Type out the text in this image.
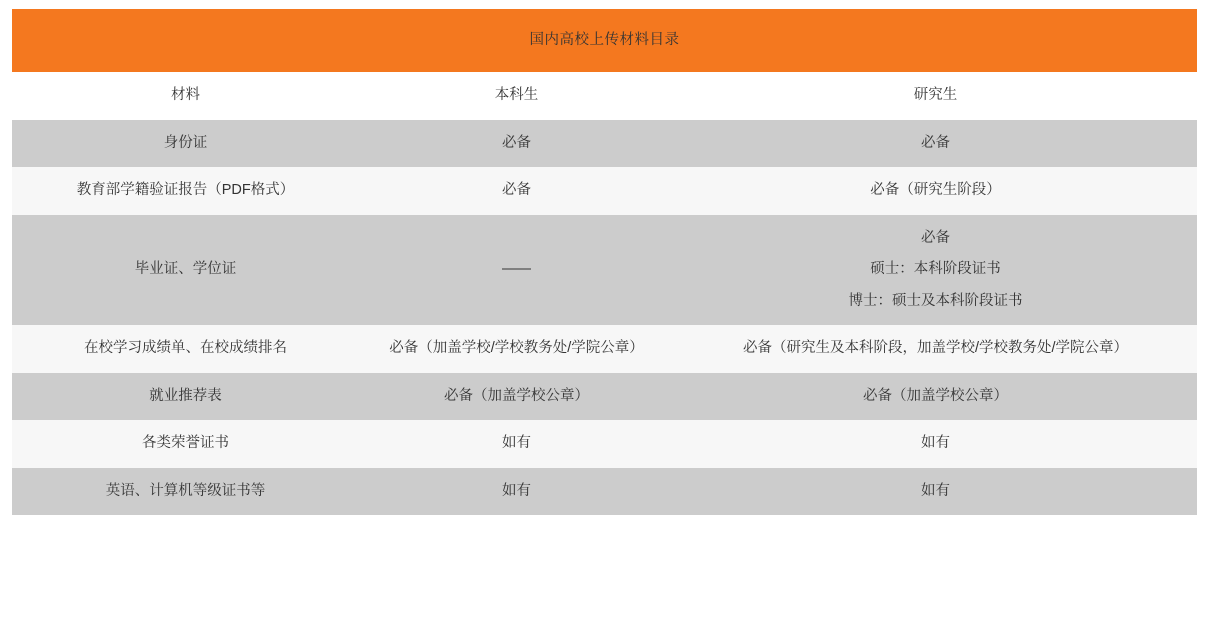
国内高校上传材料目录		
材料	本科生	研究生
身份证	必备	必备

教育部学籍验证报告（PDF格式）	必备	必备（研究生阶段）

毕业证、学位证	——	必备
硕士：本科阶段证书
博士：硕士及本科阶段证书

在校学习成绩单、在校成绩排名	必备（加盖学校/学校教务处/学院公章）	必备（研究生及本科阶段，加盖学校/学校教务处/学院公章）

就业推荐表	必备（加盖学校公章）	必备（加盖学校公章）

各类荣誉证书	如有	如有

英语、计算机等级证书等	如有	如有
